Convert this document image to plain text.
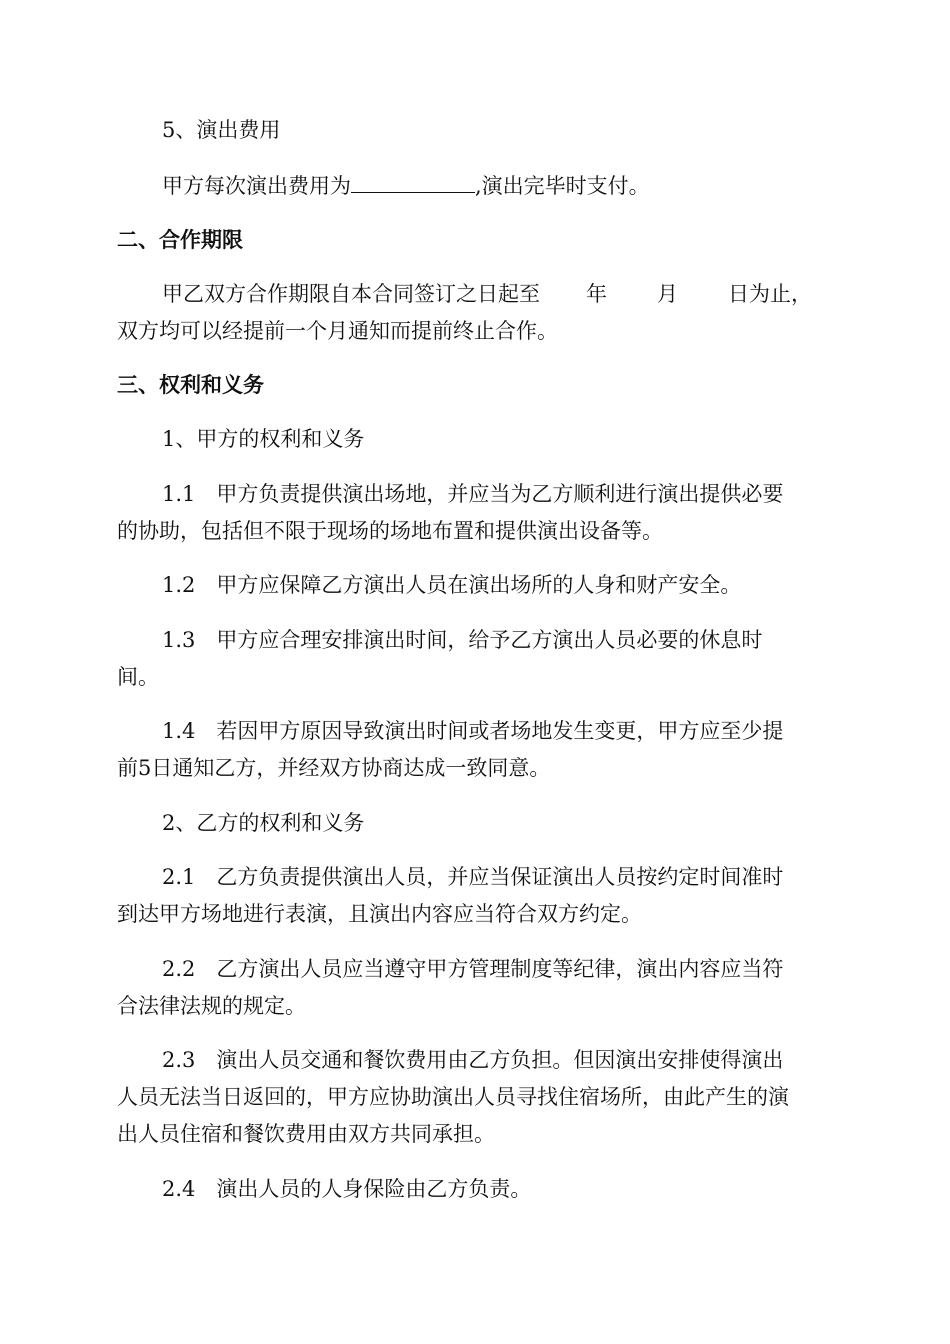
5、演出费用
甲方每次演出费用为	,演出完毕时支付。
二、合作期限
甲乙双方合作期限自本合同签订之日起至 年 月 日为止，
双方均可以经提前一个月通知而提前终止合作。
三、权利和义务
1、甲方的权利和义务
1.1　甲方负责提供演出场地，并应当为乙方顺利进行演出提供必要
的协助，包括但不限于现场的场地布置和提供演出设备等。
1.2　甲方应保障乙方演出人员在演出场所的人身和财产安全。
1.3　甲方应合理安排演出时间，给予乙方演出人员必要的休息时
间。
1.4　若因甲方原因导致演出时间或者场地发生变更，甲方应至少提
前5日通知乙方，并经双方协商达成一致同意。
2、乙方的权利和义务
2.1　乙方负责提供演出人员，并应当保证演出人员按约定时间准时
到达甲方场地进行表演，且演出内容应当符合双方约定。
2.2　乙方演出人员应当遵守甲方管理制度等纪律，演出内容应当符
合法律法规的规定。
2.3　演出人员交通和餐饮费用由乙方负担。但因演出安排使得演出
人员无法当日返回的，甲方应协助演出人员寻找住宿场所，由此产生的演
出人员住宿和餐饮费用由双方共同承担。
2.4　演出人员的人身保险由乙方负责。
